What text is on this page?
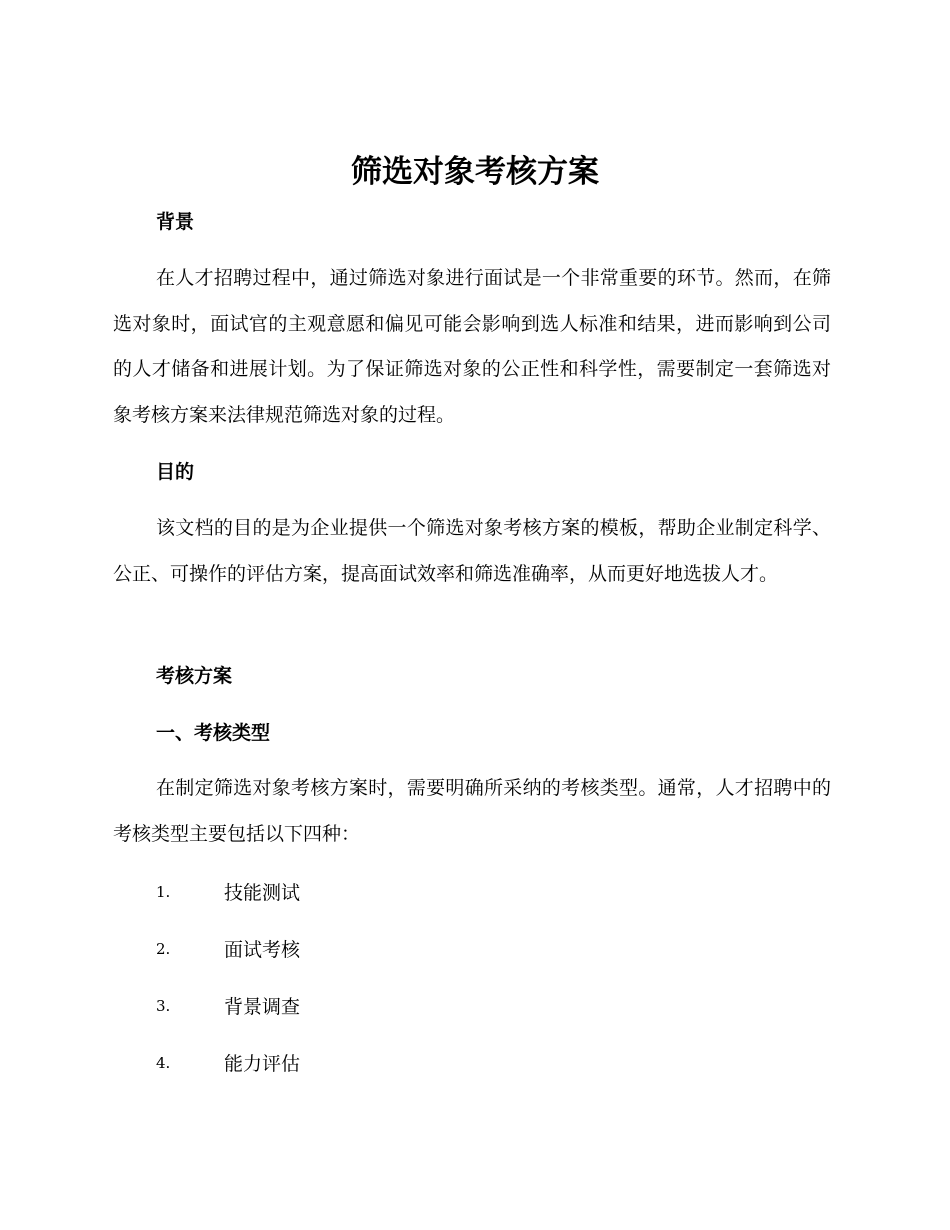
筛选对象考核方案
背景

在人才招聘过程中，通过筛选对象进行面试是一个非常重要的环节。然而，在筛选对象时，面试官的主观意愿和偏见可能会影响到选人标准和结果，进而影响到公司的人才储备和进展计划。为了保证筛选对象的公正性和科学性，需要制定一套筛选对象考核方案来法律规范筛选对象的过程。

目的

该文档的目的是为企业提供一个筛选对象考核方案的模板，帮助企业制定科学、公正、可操作的评估方案，提高面试效率和筛选准确率，从而更好地选拔人才。

考核方案
一、考核类型

在制定筛选对象考核方案时，需要明确所采纳的考核类型。通常，人才招聘中的考核类型主要包括以下四种：

1.	技能测试
2.	面试考核
3.	背景调查
4.	能力评估
